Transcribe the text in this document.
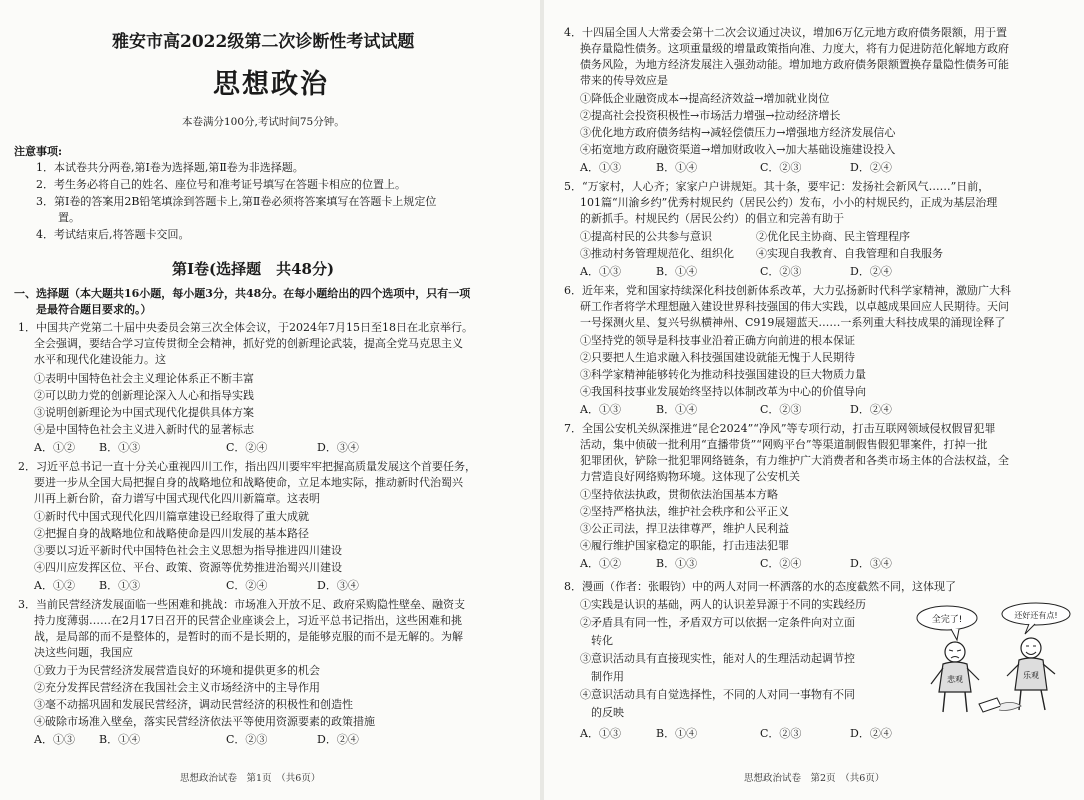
雅安市高2022级第二次诊断性考试试题
思想政治
本卷满分100分,考试时间75分钟。
注意事项:
1．本试卷共分两卷,第Ⅰ卷为选择题,第Ⅱ卷为非选择题。
2．考生务必将自己的姓名、座位号和准考证号填写在答题卡相应的位置上。
3．第Ⅰ卷的答案用2B铅笔填涂到答题卡上,第Ⅱ卷必须将答案填写在答题卡上规定位
置。
4．考试结束后,将答题卡交回。
第Ⅰ卷(选择题　共48分)
一、选择题（本大题共16小题，每小题3分，共48分。在每小题给出的四个选项中，只有一项
是最符合题目要求的。）
1．中国共产党第二十届中央委员会第三次全体会议，于2024年7月15日至18日在北京举行。
全会强调，要结合学习宣传贯彻全会精神，抓好党的创新理论武装，提高全党马克思主义
水平和现代化建设能力。这
①表明中国特色社会主义理论体系正不断丰富
②可以助力党的创新理论深入人心和指导实践
③说明创新理论为中国式现代化提供具体方案
④是中国特色社会主义进入新时代的显著标志
A．①② B．①③	C．②④	D．③④
2．习近平总书记一直十分关心重视四川工作，指出四川要牢牢把握高质量发展这个首要任务，
要进一步从全国大局把握自身的战略地位和战略使命，立足本地实际，推动新时代治蜀兴
川再上新台阶，奋力谱写中国式现代化四川新篇章。这表明
①新时代中国式现代化四川篇章建设已经取得了重大成就
②把握自身的战略地位和战略使命是四川发展的基本路径
③要以习近平新时代中国特色社会主义思想为指导推进四川建设
④四川应发挥区位、平台、政策、资源等优势推进治蜀兴川建设
A．①② B．①③	C．②④	D．③④
3．当前民营经济发展面临一些困难和挑战：市场准入开放不足、政府采购隐性壁垒、融资支
持力度薄弱……在2月17日召开的民营企业座谈会上，习近平总书记指出，这些困难和挑
战，是局部的而不是整体的，是暂时的而不是长期的，是能够克服的而不是无解的。为解
决这些问题，我国应
①致力于为民营经济发展营造良好的环境和提供更多的机会
②充分发挥民营经济在我国社会主义市场经济中的主导作用
③毫不动摇巩固和发展民营经济，调动民营经济的积极性和创造性
④破除市场准入壁垒，落实民营经济依法平等使用资源要素的政策措施
A．①③ B．①④	C．②③	D．②④
思想政治试卷　第1页　（共6页）
4．十四届全国人大常委会第十二次会议通过决议，增加6万亿元地方政府债务限额，用于置
换存量隐性债务。这项重量级的增量政策指向准、力度大，将有力促进防范化解地方政府
债务风险，为地方经济发展注入强劲动能。增加地方政府债务限额置换存量隐性债务可能
带来的传导效应是
①降低企业融资成本→提高经济效益→增加就业岗位
②提高社会投资积极性→市场活力增强→拉动经济增长
③优化地方政府债务结构→减轻偿债压力→增强地方经济发展信心
④拓宽地方政府融资渠道→增加财政收入→加大基础设施建设投入
A．①③	B．①④	C．②③	D．②④
5．“万家村，人心齐；家家户户讲规矩。其十条，要牢记：发扬社会新风气……”日前，
101篇“川渝乡约”优秀村规民约（居民公约）发布，小小的村规民约，正成为基层治理
的新抓手。村规民约（居民公约）的倡立和完善有助于
①提高村民的公共参与意识　　　　②优化民主协商、民主管理程序
③推动村务管理规范化、组织化　　④实现自我教育、自我管理和自我服务
A．①③	B．①④	C．②③	D．②④
6．近年来，党和国家持续深化科技创新体系改革，大力弘扬新时代科学家精神，激励广大科
研工作者将学术理想融入建设世界科技强国的伟大实践，以卓越成果回应人民期待。天问
一号探测火星、复兴号纵横神州、C919展翅蓝天……一系列重大科技成果的涌现诠释了
①坚持党的领导是科技事业沿着正确方向前进的根本保证
②只要把人生追求融入科技强国建设就能无愧于人民期待
③科学家精神能够转化为推动科技强国建设的巨大物质力量
④我国科技事业发展始终坚持以体制改革为中心的价值导向
A．①③	B．①④	C．②③	D．②④
7．全国公安机关纵深推进“昆仑2024”“净风”等专项行动，打击互联网领域侵权假冒犯罪
活动，集中侦破一批利用“直播带货”“网购平台”等渠道制假售假犯罪案件，打掉一批
犯罪团伙，铲除一批犯罪网络链条，有力维护广大消费者和各类市场主体的合法权益，全
力营造良好网络购物环境。这体现了公安机关
①坚持依法执政，贯彻依法治国基本方略
②坚持严格执法，维护社会秩序和公平正义
③公正司法，捍卫法律尊严，维护人民利益
④履行维护国家稳定的职能，打击违法犯罪
A．①②	B．①③	C．②④	D．③④
8．漫画（作者：张暇钧）中的两人对同一杯洒落的水的态度截然不同，这体现了
①实践是认识的基础，两人的认识差异源于不同的实践经历
②矛盾具有同一性，矛盾双方可以依据一定条件向对立面
　转化
③意识活动具有直接现实性，能对人的生理活动起调节控
　制作用
④意识活动具有自觉选择性，不同的人对同一事物有不同
　的反映
A．①③	B．①④	C．②③	D．②④
全完了!	还好还有点!
悲观	乐观
思想政治试卷　第2页　（共6页）
